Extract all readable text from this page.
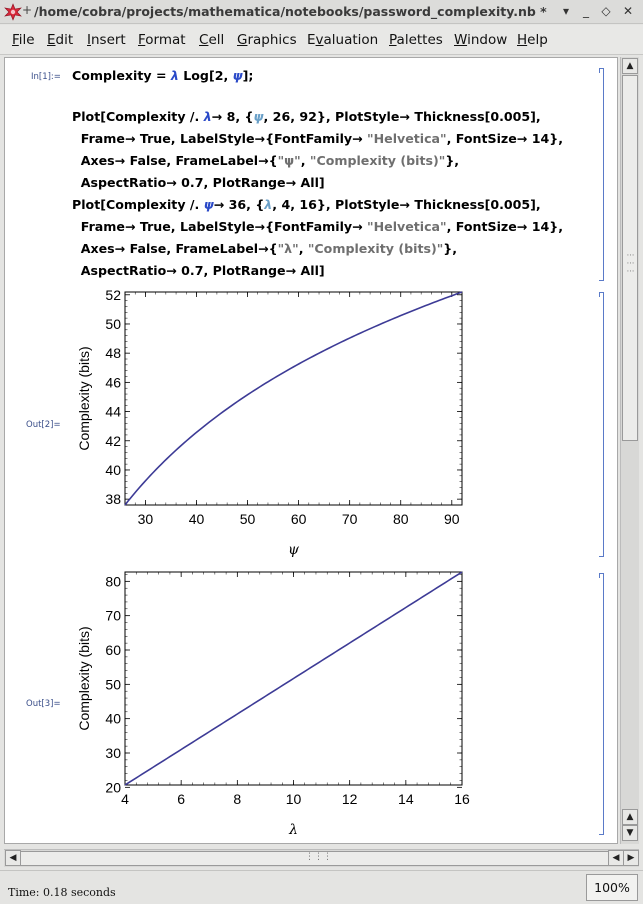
+ /home/cobra/projects/mathematica/notebooks/password_complexity.nb *	▾	_	◇ ✕
File Edit Insert Format Cell Graphics Evaluation Palettes Window Help
In[1]:= Complexity = λ Log[2, ψ];
Plot[Complexity /. λ→ 8, {ψ, 26, 92}, PlotStyle→ Thickness[0.005],
Frame→ True, LabelStyle→{FontFamily→ "Helvetica", FontSize→ 14},
Axes→ False, FrameLabel→{"ψ", "Complexity (bits)"},
AspectRatio→ 0.7, PlotRange→ All]
Plot[Complexity /. ψ→ 36, {λ, 4, 16}, PlotStyle→ Thickness[0.005],
Frame→ True, LabelStyle→{FontFamily→ "Helvetica", FontSize→ 14},
Axes→ False, FrameLabel→{"λ", "Complexity (bits)"},
AspectRatio→ 0.7, PlotRange→ All]
Out[2]=
Out[3]=
30	40	50	60	70	80	90
38
40
42
44
46
48
50
52
ψ
Complexity (bits)
4	6	8	10	12	14	16
20
30
40
50
60
70
80
λ
Complexity (bits)
▲
⋮⋮⋮
▲
▼
◀	⋮⋮⋮	◀ ▶
Time: 0.18 seconds	100%
